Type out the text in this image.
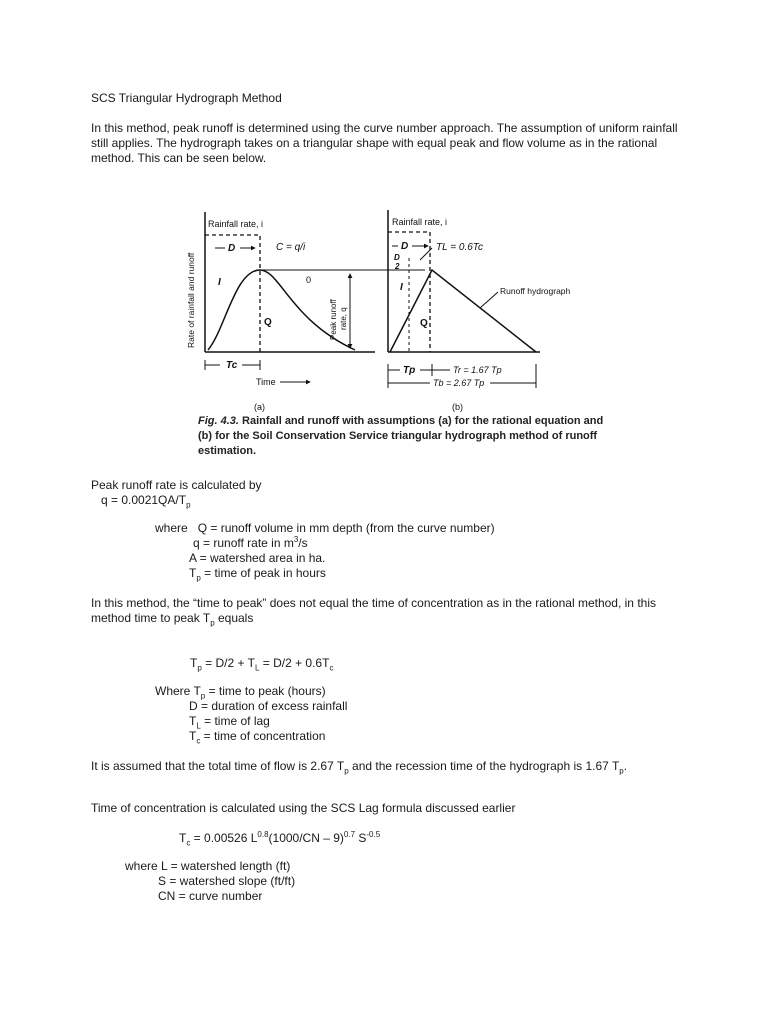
SCS Triangular Hydrograph Method
In this method, peak runoff is determined using the curve number approach. The assumption of uniform rainfall still applies. The hydrograph takes on a triangular shape with equal peak and flow volume as in the rational method. This can be seen below.
Rainfall rate, i
Rate of rainfall and runoff
D	C = q/i
I
Q
Tc
Time
Peak runoff rate, q
(a)
0
Rainfall rate, i
D
D
2
TL = 0.6Tc
I
Q
Runoff hydrograph
Tp	Tr = 1.67 Tp
Tb = 2.67 Tp
(b)
Fig. 4.3. Rainfall and runoff with assumptions (a) for the rational equation and (b) for the Soil Conservation Service triangular hydrograph method of runoff estimation.
Peak runoff rate is calculated by
$q = 0.0021QA/T_p$
where Q = runoff volume in mm depth (from the curve number)
q = runoff rate in $m^3/s$
A = watershed area in ha.
$T_p$ = time of peak in hours
In this method, the “time to peak” does not equal the time of concentration as in the rational method, in this
method time to peak $T_p$ equals
$T_p = D/2 + T_L = D/2 + 0.6T_c$
Where $T_p$ = time to peak (hours)
D = duration of excess rainfall
$T_L$ = time of lag
$T_c$ = time of concentration
It is assumed that the total time of flow is 2.67 $T_p$ and the recession time of the hydrograph is 1.67 $T_p$.
Time of concentration is calculated using the SCS Lag formula discussed earlier
$T_c = 0.00526$ $L^{0.8}(1000/CN - 9)^{0.7}$ $S^{-0.5}$
where L = watershed length (ft)
S = watershed slope (ft/ft)
CN = curve number
